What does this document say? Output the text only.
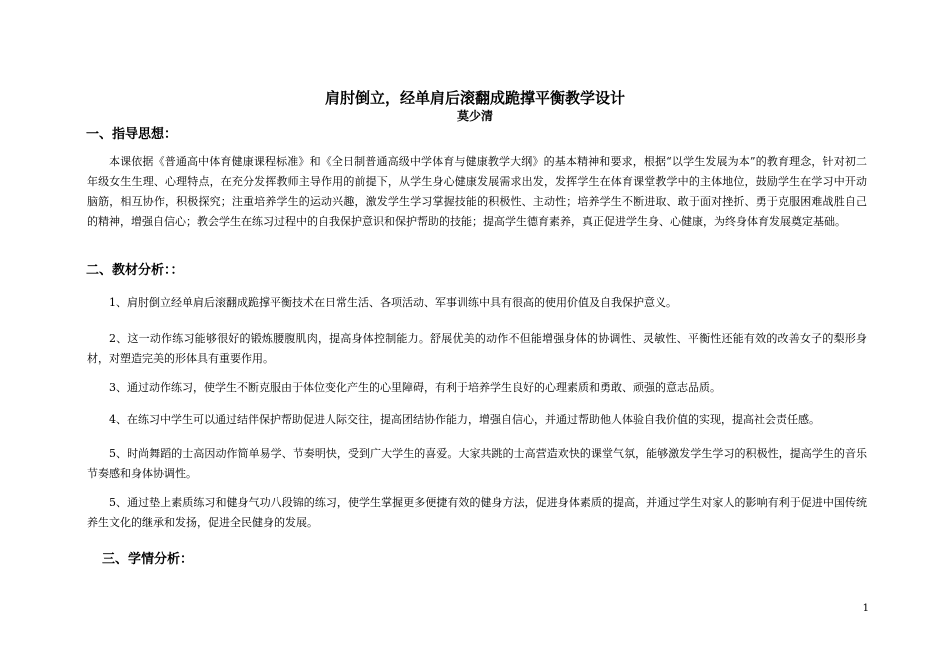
肩肘倒立，经单肩后滚翻成跪撑平衡教学设计
莫少清
一、指导思想：

本课依据《普通高中体育健康课程标准》和《全日制普通高级中学体育与健康教学大纲》的基本精神和要求，根据“以学生发展为本”的教育理念，针对初二年级女生生理、心理特点，在充分发挥教师主导作用的前提下，从学生身心健康发展需求出发，发挥学生在体育课堂教学中的主体地位，鼓励学生在学习中开动脑筋，相互协作，积极探究；注重培养学生的运动兴趣，激发学生学习掌握技能的积极性、主动性；培养学生不断进取、敢于面对挫折、勇于克服困难战胜自己的精神，增强自信心；教会学生在练习过程中的自我保护意识和保护帮助的技能；提高学生德育素养，真正促进学生身、心健康，为终身体育发展奠定基础。

二、教材分析：：

1、肩肘倒立经单肩后滚翻成跪撑平衡技术在日常生活、各项活动、军事训练中具有很高的使用价值及自我保护意义。

2、这一动作练习能够很好的锻炼腰腹肌肉，提高身体控制能力。舒展优美的动作不但能增强身体的协调性、灵敏性、平衡性还能有效的改善女子的梨形身材，对塑造完美的形体具有重要作用。

3、通过动作练习，使学生不断克服由于体位变化产生的心里障碍，有利于培养学生良好的心理素质和勇敢、顽强的意志品质。

4、在练习中学生可以通过结伴保护帮助促进人际交往，提高团结协作能力，增强自信心，并通过帮助他人体验自我价值的实现，提高社会责任感。

5、时尚舞蹈的士高因动作简单易学、节奏明快，受到广大学生的喜爱。大家共跳的士高营造欢快的课堂气氛，能够激发学生学习的积极性，提高学生的音乐节奏感和身体协调性。

5、通过垫上素质练习和健身气功八段锦的练习，使学生掌握更多便捷有效的健身方法，促进身体素质的提高，并通过学生对家人的影响有利于促进中国传统养生文化的继承和发扬，促进全民健身的发展。

三、学情分析：
1
